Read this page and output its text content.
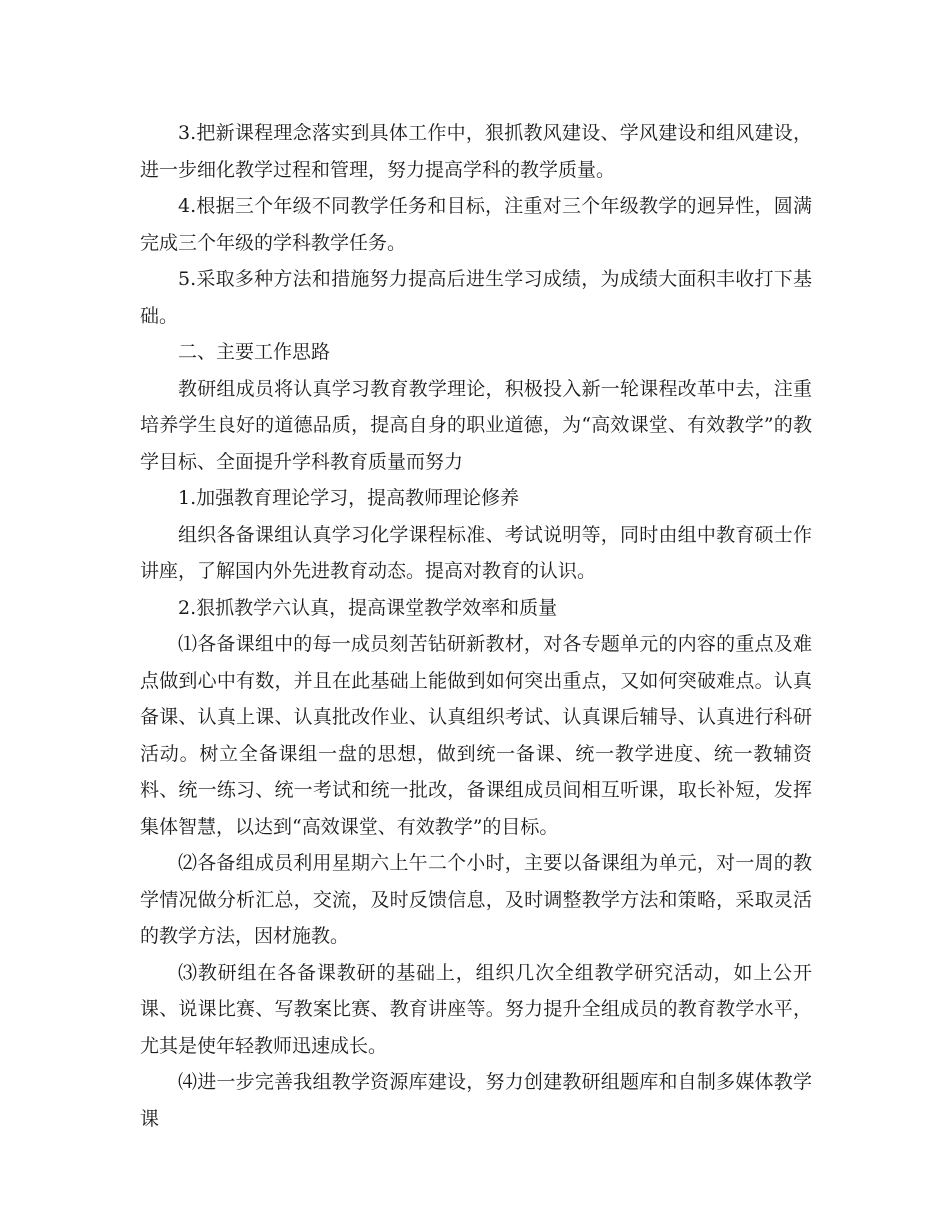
3.把新课程理念落实到具体工作中，狠抓教风建设、学风建设和组风建设，进一步细化教学过程和管理，努力提高学科的教学质量。

4.根据三个年级不同教学任务和目标，注重对三个年级教学的迥异性，圆满完成三个年级的学科教学任务。

5.采取多种方法和措施努力提高后进生学习成绩，为成绩大面积丰收打下基础。

二、主要工作思路

教研组成员将认真学习教育教学理论，积极投入新一轮课程改革中去，注重培养学生良好的道德品质，提高自身的职业道德，为“高效课堂、有效教学”的教学目标、全面提升学科教育质量而努力

1.加强教育理论学习，提高教师理论修养

组织各备课组认真学习化学课程标准、考试说明等，同时由组中教育硕士作讲座，了解国内外先进教育动态。提高对教育的认识。

2.狠抓教学六认真，提高课堂教学效率和质量

⑴各备课组中的每一成员刻苦钻研新教材，对各专题单元的内容的重点及难点做到心中有数，并且在此基础上能做到如何突出重点，又如何突破难点。认真备课、认真上课、认真批改作业、认真组织考试、认真课后辅导、认真进行科研活动。树立全备课组一盘的思想，做到统一备课、统一教学进度、统一教辅资料、统一练习、统一考试和统一批改，备课组成员间相互听课，取长补短，发挥集体智慧，以达到“高效课堂、有效教学”的目标。

⑵各备组成员利用星期六上午二个小时，主要以备课组为单元，对一周的教学情况做分析汇总，交流，及时反馈信息，及时调整教学方法和策略，采取灵活的教学方法，因材施教。

⑶教研组在各备课教研的基础上，组织几次全组教学研究活动，如上公开课、说课比赛、写教案比赛、教育讲座等。努力提升全组成员的教育教学水平，尤其是使年轻教师迅速成长。

⑷进一步完善我组教学资源库建设，努力创建教研组题库和自制多媒体教学课
